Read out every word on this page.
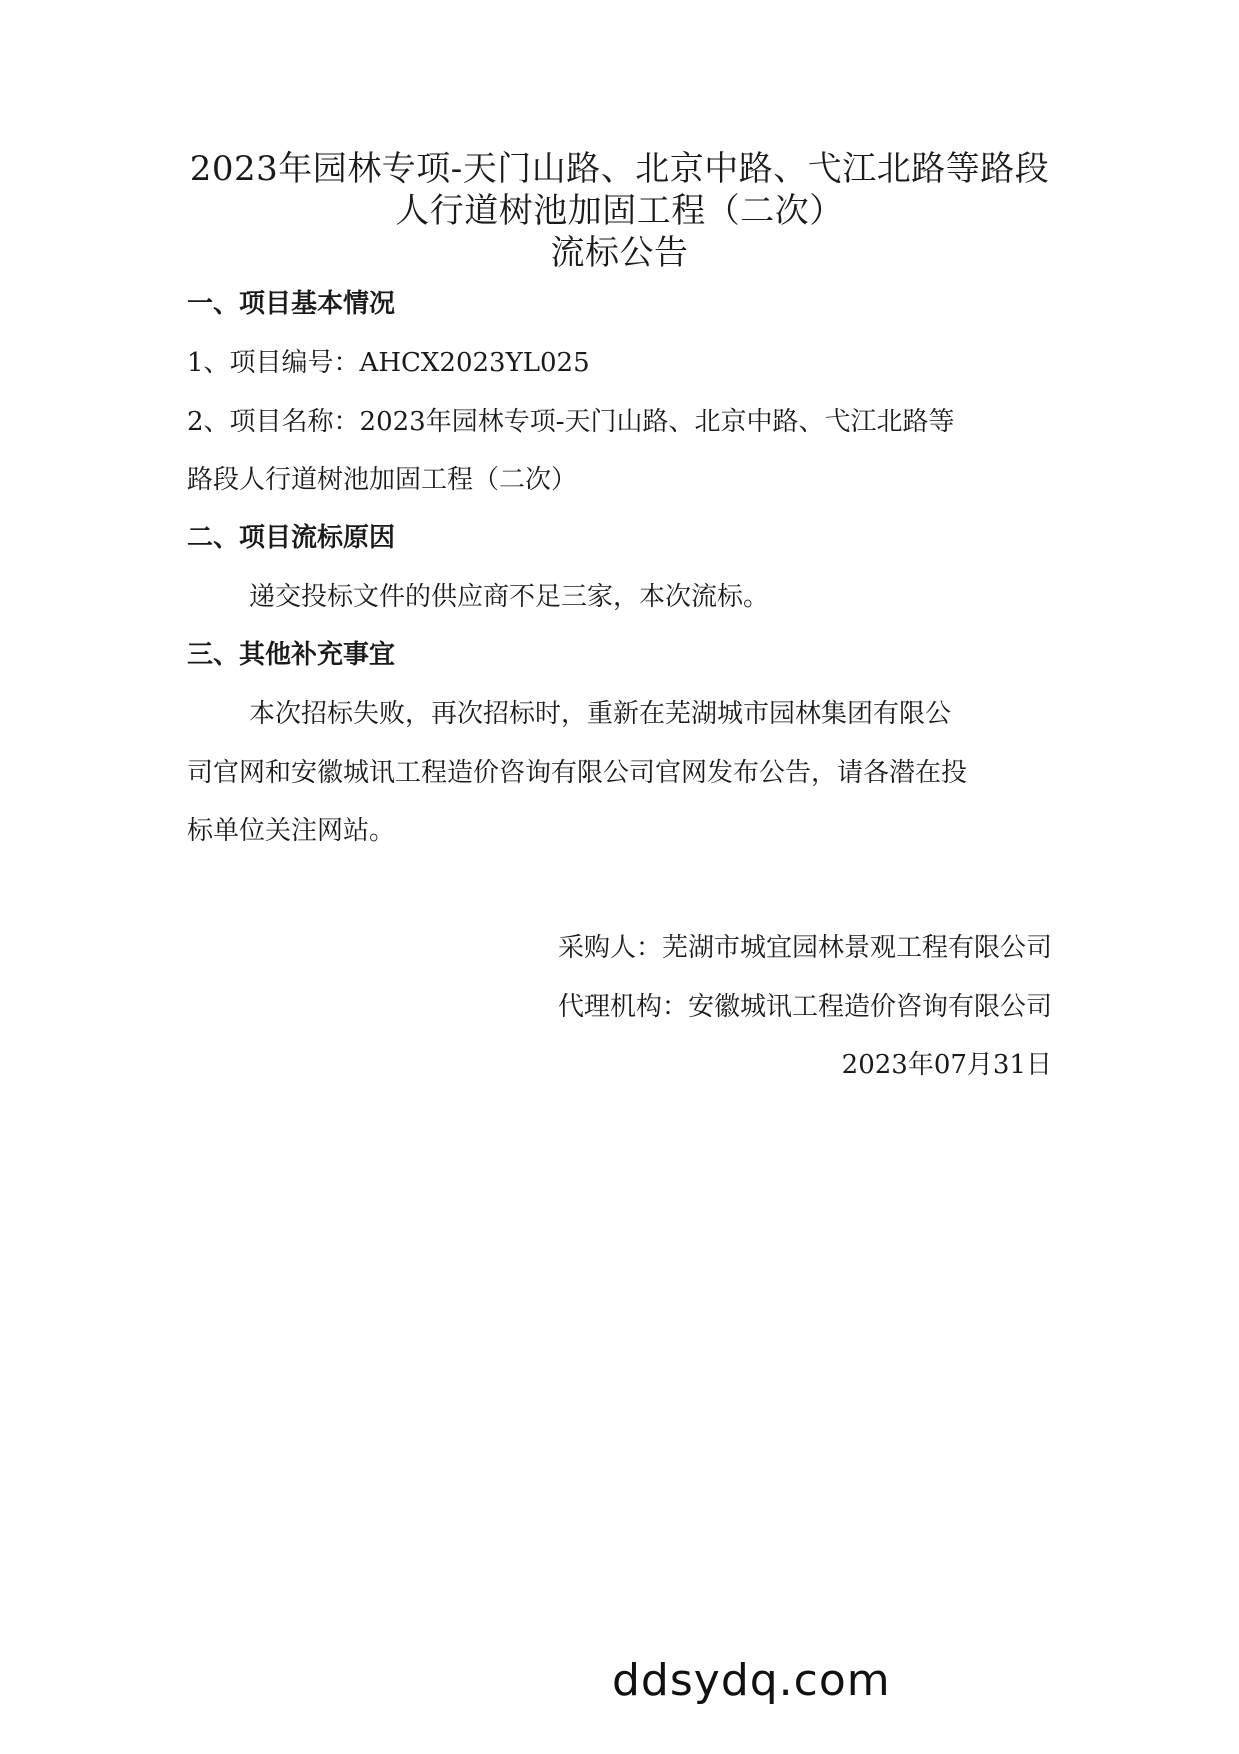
2023年园林专项-天门山路、北京中路、弋江北路等路段
人行道树池加固工程（二次）
流标公告
一、项目基本情况
1、项目编号：AHCX2023YL025
2、项目名称：2023年园林专项-天门山路、北京中路、弋江北路等
路段人行道树池加固工程（二次）
二、项目流标原因
递交投标文件的供应商不足三家，本次流标。
三、其他补充事宜
本次招标失败，再次招标时，重新在芜湖城市园林集团有限公
司官网和安徽城讯工程造价咨询有限公司官网发布公告，请各潜在投
标单位关注网站。
采购人：芜湖市城宜园林景观工程有限公司
代理机构：安徽城讯工程造价咨询有限公司
2023年07月31日
ddsydq.com
